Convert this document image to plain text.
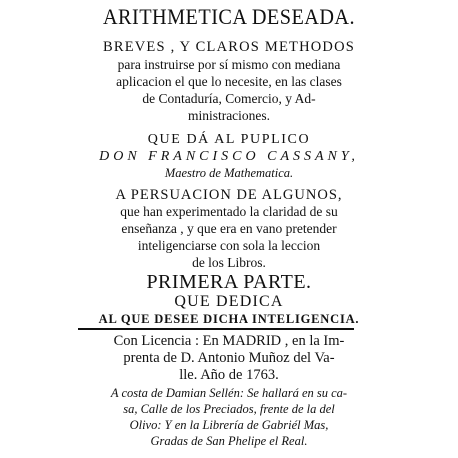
ARITHMETICA DESEADA.
BREVES , Y CLAROS METHODOS
para instruirse por sí mismo con mediana
aplicacion el que lo necesite, en las clases
de Contaduría, Comercio, y Ad-
ministraciones.
QUE DÁ AL PUPLICO
DON FRANCISCO CASSANY,
Maestro de Mathematica.
A PERSUACION DE ALGUNOS,
que han experimentado la claridad de su
enseñanza , y que era en vano pretender
inteligenciarse con sola la leccion
de los Libros.
PRIMERA PARTE.
QUE DEDICA
AL QUE DESEE DICHA INTELIGENCIA.
Con Licencia : En MADRID , en la Im-
prenta de D. Antonio Muñoz del Va-
lle. Año de 1763.
A costa de Damian Sellén: Se hallará en su ca-
sa, Calle de los Preciados, frente de la del
Olivo: Y en la Librería de Gabriél Mas,
Gradas de San Phelipe el Real.
